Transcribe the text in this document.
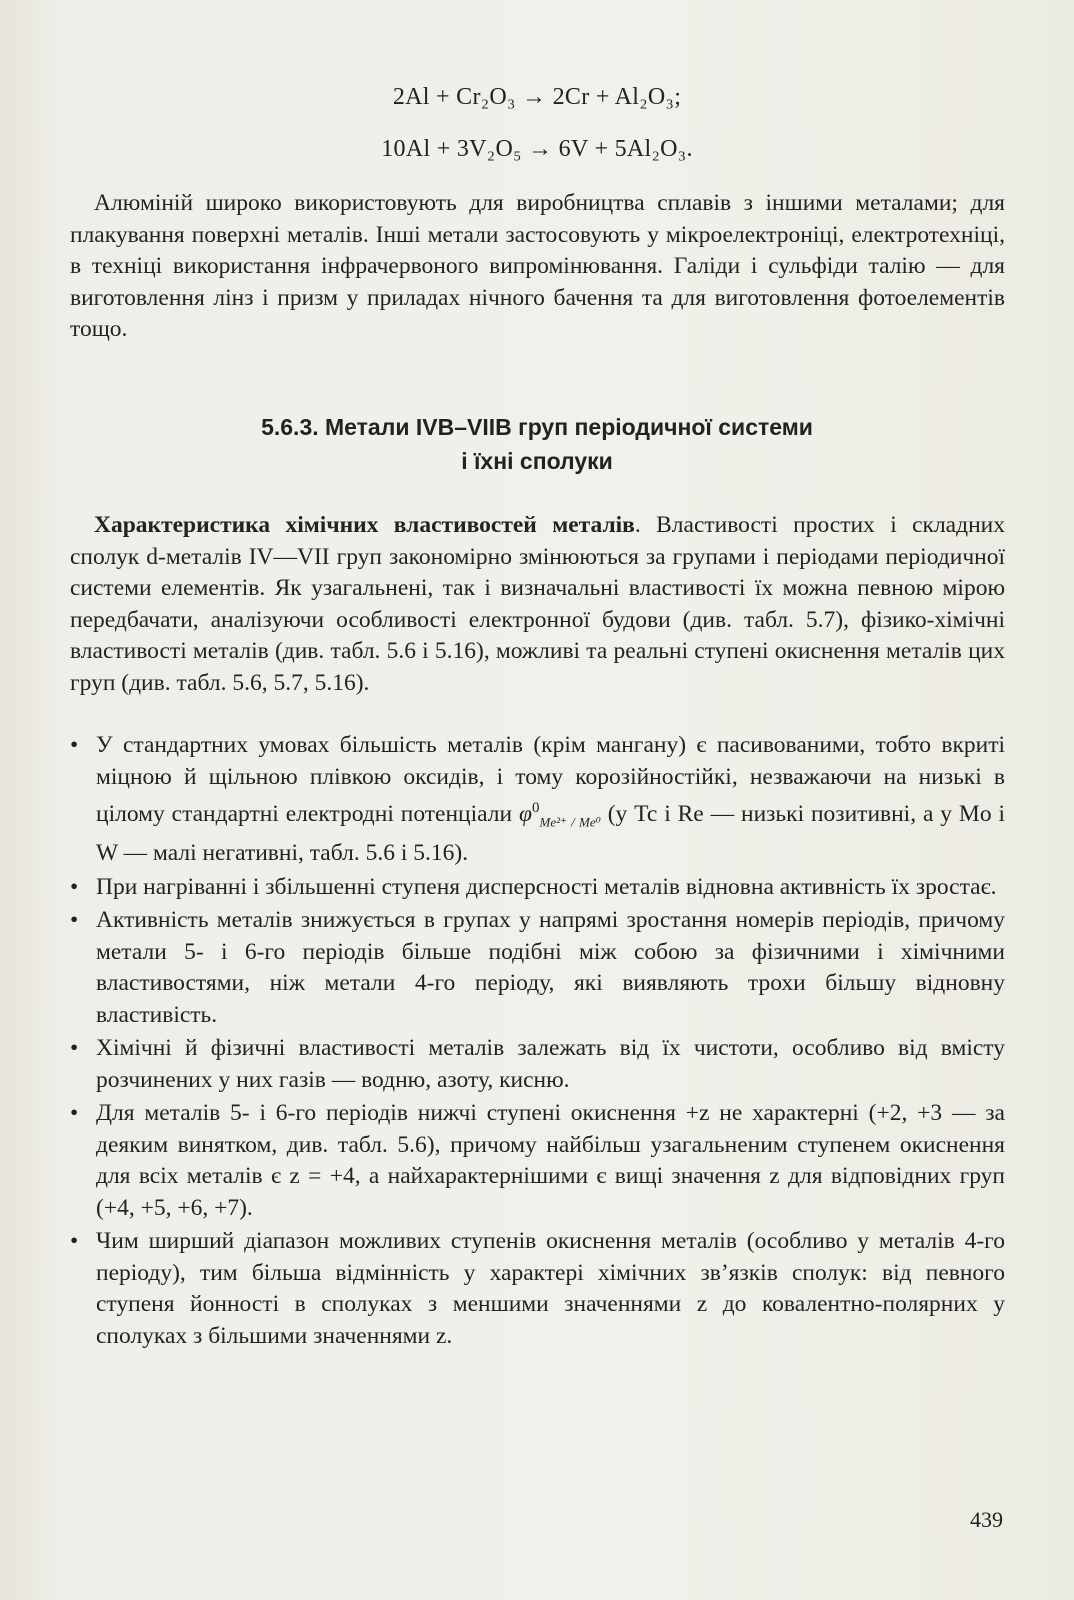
2Al + Cr₂O₃ → 2Cr + Al₂O₃;
10Al + 3V₂O₅ → 6V + 5Al₂O₃.
Алюміній широко використовують для виробництва сплавів з іншими металами; для плакування поверхні металів. Інші метали застосовують у мікроелектроніці, електротехніці, в техніці використання інфрачервоного випромінювання. Галіди і сульфіди талію — для виготовлення лінз і призм у приладах нічного бачення та для виготовлення фотоелементів тощо.
5.6.3. Метали IVB–VIIB груп періодичної системи
і їхні сполуки
Характеристика хімічних властивостей металів. Властивості простих і складних сполук d-металів IV—VII груп закономірно змінюються за групами і періодами періодичної системи елементів. Як узагальнені, так і визначальні властивості їх можна певною мірою передбачати, аналізуючи особливості електронної будови (див. табл. 5.7), фізико-хімічні властивості металів (див. табл. 5.6 і 5.16), можливі та реальні ступені окиснення металів цих груп (див. табл. 5.6, 5.7, 5.16).
• У стандартних умовах більшість металів (крім мангану) є пасивованими, тобто вкриті міцною й щільною плівкою оксидів, і тому корозійностійкі, незважаючи на низькі в цілому стандартні електродні потенціали $\varphi^0_{Me^{2+} / Me^0}$ (у Tc і Re — низькі позитивні, а у Mo і W — малі негативні, табл. 5.6 і 5.16).
• При нагріванні і збільшенні ступеня дисперсності металів відновна активність їх зростає.
• Активність металів знижується в групах у напрямі зростання номерів періодів, причому метали 5- і 6-го періодів більше подібні між собою за фізичними і хімічними властивостями, ніж метали 4-го періоду, які виявляють трохи більшу відновну властивість.
• Хімічні й фізичні властивості металів залежать від їх чистоти, особливо від вмісту розчинених у них газів — водню, азоту, кисню.
• Для металів 5- і 6-го періодів нижчі ступені окиснення +z не характерні (+2, +3 — за деяким винятком, див. табл. 5.6), причому найбільш узагальненим ступенем окиснення для всіх металів є z = +4, а найхарактернішими є вищі значення z для відповідних груп (+4, +5, +6, +7).
• Чим ширший діапазон можливих ступенів окиснення металів (особливо у металів 4-го періоду), тим більша відмінність у характері хімічних зв’язків сполук: від певного ступеня йонності в сполуках з меншими значеннями z до ковалентно-полярних у сполуках з більшими значеннями z.
439
